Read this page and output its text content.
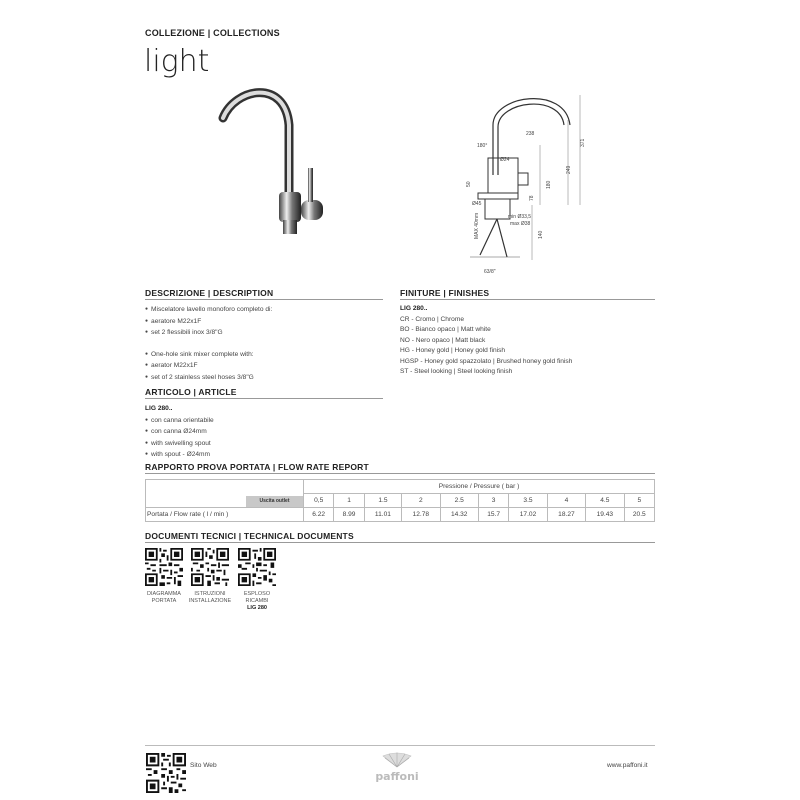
COLLEZIONE | COLLECTIONS
light
238
180°
Ø24
371
249
180
MAX 40mm
78
Ø45
min Ø33,5
max Ø38
140
63/8"
50
DESCRIZIONE | DESCRIPTION
● Miscelatore lavello monoforo completo di:
● aeratore M22x1F
● set 2 flessibili inox 3/8"G
● One-hole sink mixer complete with:
● aerator M22x1F
● set of 2 stainless steel hoses 3/8"G
FINITURE | FINISHES
LIG 280..
CR - Cromo | Chrome
BO - Bianco opaco | Matt white
NO - Nero opaco | Matt black
HG - Honey gold | Honey gold finish
HGSP - Honey gold spazzolato | Brushed honey gold finish
ST - Steel looking | Steel looking finish
ARTICOLO | ARTICLE
LIG 280..
● con canna orientabile
● con canna Ø24mm
● with swivelling spout
● with spout - Ø24mm
RAPPORTO PROVA PORTATA | FLOW RATE REPORT

	Uscita outlet	Pressione / Pressure ( bar )									
		0,5	1	1.5	2	2.5	3	3.5	4	4.5	5
Portata / Flow rate ( l / min )		6.22	8.99	11.01	12.78	14.32	15.7	17.02	18.27	19.43	20.5
DOCUMENTI TECNICI | TECHNICAL DOCUMENTS
DIAGRAMMA
PORTATA
ISTRUZIONI
INSTALLAZIONE
ESPLOSO
RICAMBI
LIG 280
Sito Web
paffoni
www.paffoni.it
